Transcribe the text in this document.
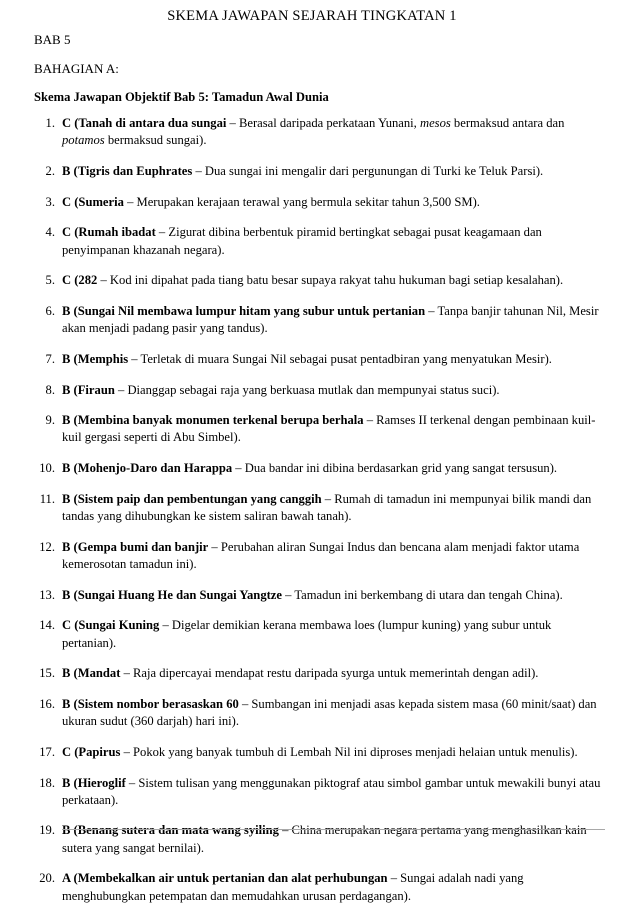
SKEMA JAWAPAN SEJARAH TINGKATAN 1
BAB 5
BAHAGIAN A:
Skema Jawapan Objektif Bab 5: Tamadun Awal Dunia
1. C (Tanah di antara dua sungai – Berasal daripada perkataan Yunani, mesos bermaksud antara dan potamos bermaksud sungai).
2. B (Tigris dan Euphrates – Dua sungai ini mengalir dari pergunungan di Turki ke Teluk Parsi).
3. C (Sumeria – Merupakan kerajaan terawal yang bermula sekitar tahun 3,500 SM).
4. C (Rumah ibadat – Zigurat dibina berbentuk piramid bertingkat sebagai pusat keagamaan dan penyimpanan khazanah negara).
5. C (282 – Kod ini dipahat pada tiang batu besar supaya rakyat tahu hukuman bagi setiap kesalahan).
6. B (Sungai Nil membawa lumpur hitam yang subur untuk pertanian – Tanpa banjir tahunan Nil, Mesir akan menjadi padang pasir yang tandus).
7. B (Memphis – Terletak di muara Sungai Nil sebagai pusat pentadbiran yang menyatukan Mesir).
8. B (Firaun – Dianggap sebagai raja yang berkuasa mutlak dan mempunyai status suci).
9. B (Membina banyak monumen terkenal berupa berhala – Ramses II terkenal dengan pembinaan kuil-kuil gergasi seperti di Abu Simbel).
10. B (Mohenjo-Daro dan Harappa – Dua bandar ini dibina berdasarkan grid yang sangat tersusun).
11. B (Sistem paip dan pembentungan yang canggih – Rumah di tamadun ini mempunyai bilik mandi dan tandas yang dihubungkan ke sistem saliran bawah tanah).
12. B (Gempa bumi dan banjir – Perubahan aliran Sungai Indus dan bencana alam menjadi faktor utama kemerosotan tamadun ini).
13. B (Sungai Huang He dan Sungai Yangtze – Tamadun ini berkembang di utara dan tengah China).
14. C (Sungai Kuning – Digelar demikian kerana membawa loes (lumpur kuning) yang subur untuk pertanian).
15. B (Mandat – Raja dipercayai mendapat restu daripada syurga untuk memerintah dengan adil).
16. B (Sistem nombor berasaskan 60 – Sumbangan ini menjadi asas kepada sistem masa (60 minit/saat) dan ukuran sudut (360 darjah) hari ini).
17. C (Papirus – Pokok yang banyak tumbuh di Lembah Nil ini diproses menjadi helaian untuk menulis).
18. B (Hieroglif – Sistem tulisan yang menggunakan piktograf atau simbol gambar untuk mewakili bunyi atau perkataan).
19. B (Benang sutera dan mata wang syiling – China merupakan negara pertama yang menghasilkan kain sutera yang sangat bernilai).
20. A (Membekalkan air untuk pertanian dan alat perhubungan – Sungai adalah nadi yang menghubungkan petempatan dan memudahkan urusan perdagangan).
